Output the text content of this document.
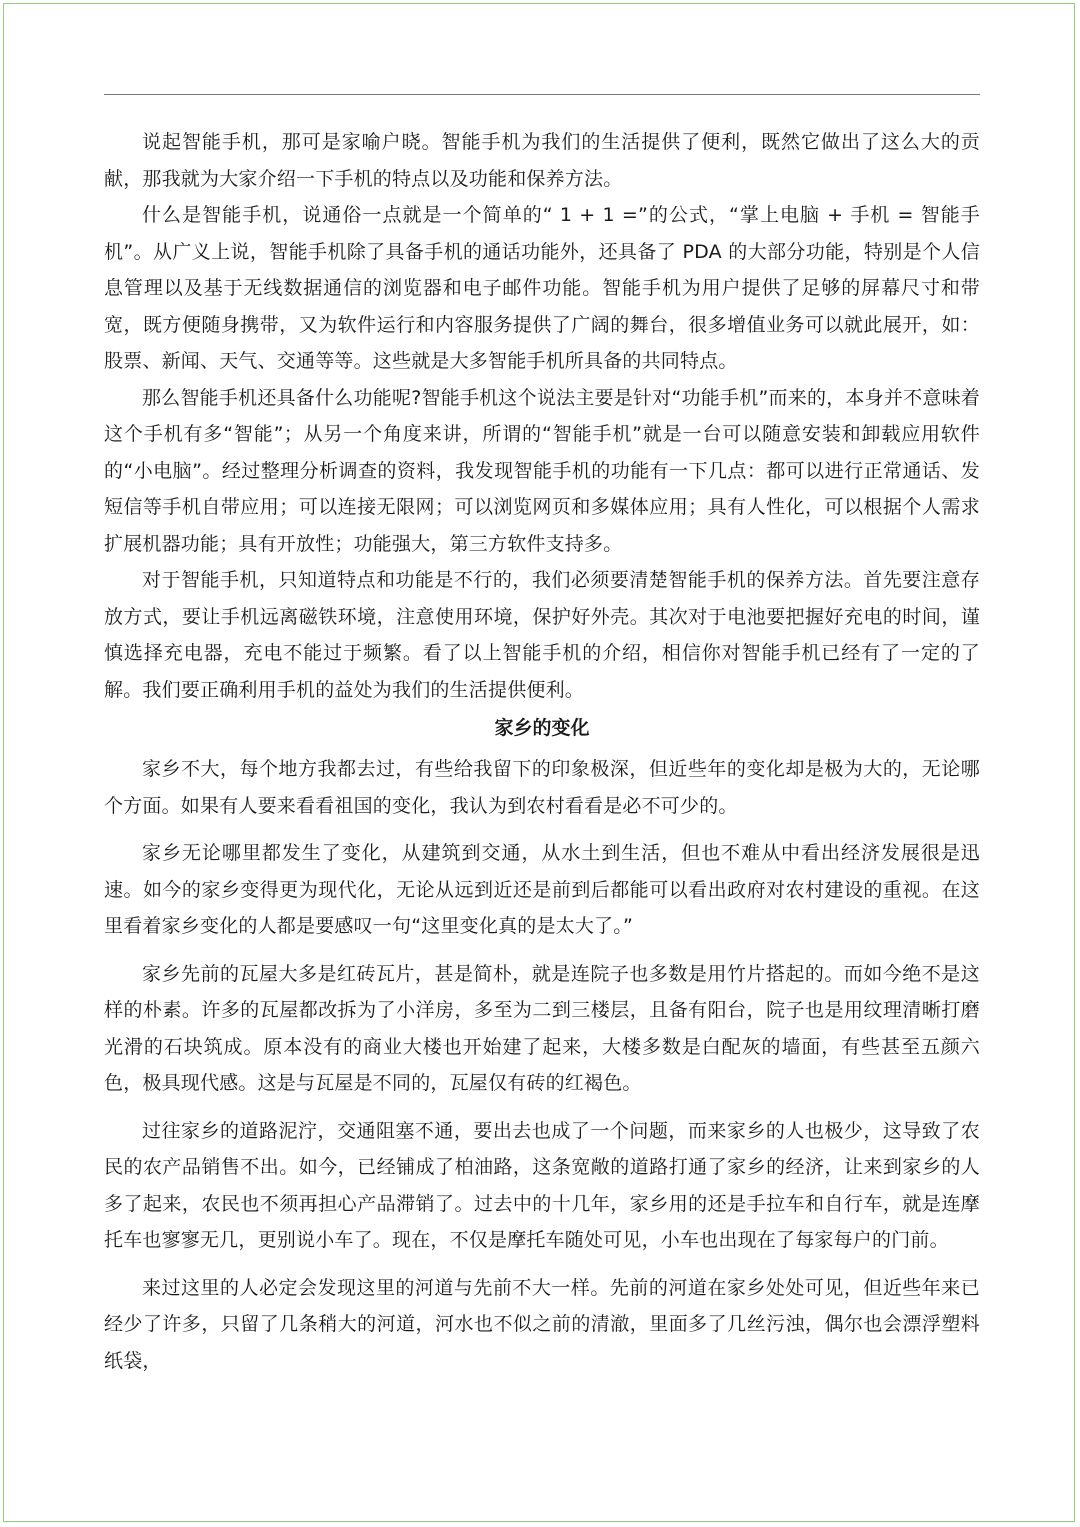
说起智能手机，那可是家喻户晓。智能手机为我们的生活提供了便利，既然它做出了这么大的贡献，那我就为大家介绍一下手机的特点以及功能和保养方法。

什么是智能手机，说通俗一点就是一个简单的“ 1 + 1 =”的公式，“掌上电脑 + 手机 = 智能手机”。从广义上说，智能手机除了具备手机的通话功能外，还具备了 PDA 的大部分功能，特别是个人信息管理以及基于无线数据通信的浏览器和电子邮件功能。智能手机为用户提供了足够的屏幕尺寸和带宽，既方便随身携带，又为软件运行和内容服务提供了广阔的舞台，很多增值业务可以就此展开，如：股票、新闻、天气、交通等等。这些就是大多智能手机所具备的共同特点。

那么智能手机还具备什么功能呢?智能手机这个说法主要是针对“功能手机”而来的，本身并不意味着这个手机有多“智能”；从另一个角度来讲，所谓的“智能手机”就是一台可以随意安装和卸载应用软件的“小电脑”。经过整理分析调查的资料，我发现智能手机的功能有一下几点：都可以进行正常通话、发短信等手机自带应用；可以连接无限网；可以浏览网页和多媒体应用；具有人性化，可以根据个人需求扩展机器功能；具有开放性；功能强大，第三方软件支持多。

对于智能手机，只知道特点和功能是不行的，我们必须要清楚智能手机的保养方法。首先要注意存放方式，要让手机远离磁铁环境，注意使用环境，保护好外壳。其次对于电池要把握好充电的时间，谨慎选择充电器，充电不能过于频繁。看了以上智能手机的介绍，相信你对智能手机已经有了一定的了解。我们要正确利用手机的益处为我们的生活提供便利。

家乡的变化

家乡不大，每个地方我都去过，有些给我留下的印象极深，但近些年的变化却是极为大的，无论哪个方面。如果有人要来看看祖国的变化，我认为到农村看看是必不可少的。

家乡无论哪里都发生了变化，从建筑到交通，从水土到生活，但也不难从中看出经济发展很是迅速。如今的家乡变得更为现代化，无论从远到近还是前到后都能可以看出政府对农村建设的重视。在这里看着家乡变化的人都是要感叹一句“这里变化真的是太大了。”

家乡先前的瓦屋大多是红砖瓦片，甚是简朴，就是连院子也多数是用竹片搭起的。而如今绝不是这样的朴素。许多的瓦屋都改拆为了小洋房，多至为二到三楼层，且备有阳台，院子也是用纹理清晰打磨光滑的石块筑成。原本没有的商业大楼也开始建了起来，大楼多数是白配灰的墙面，有些甚至五颜六色，极具现代感。这是与瓦屋是不同的，瓦屋仅有砖的红褐色。

过往家乡的道路泥泞，交通阻塞不通，要出去也成了一个问题，而来家乡的人也极少，这导致了农民的农产品销售不出。如今，已经铺成了柏油路，这条宽敞的道路打通了家乡的经济，让来到家乡的人多了起来，农民也不须再担心产品滞销了。过去中的十几年，家乡用的还是手拉车和自行车，就是连摩托车也寥寥无几，更别说小车了。现在，不仅是摩托车随处可见，小车也出现在了每家每户的门前。

来过这里的人必定会发现这里的河道与先前不大一样。先前的河道在家乡处处可见，但近些年来已经少了许多，只留了几条稍大的河道，河水也不似之前的清澈，里面多了几丝污浊，偶尔也会漂浮塑料纸袋，
